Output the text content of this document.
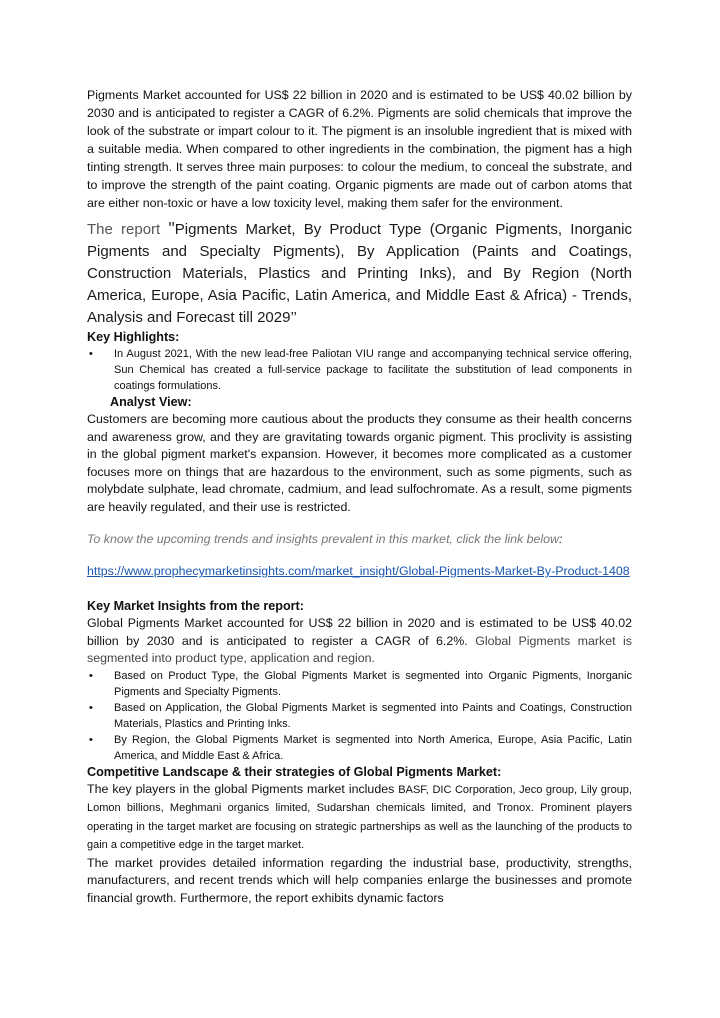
Pigments Market accounted for US$ 22 billion in 2020 and is estimated to be US$ 40.02 billion by 2030 and is anticipated to register a CAGR of 6.2%. Pigments are solid chemicals that improve the look of the substrate or impart colour to it. The pigment is an insoluble ingredient that is mixed with a suitable media. When compared to other ingredients in the combination, the pigment has a high tinting strength. It serves three main purposes: to colour the medium, to conceal the substrate, and to improve the strength of the paint coating. Organic pigments are made out of carbon atoms that are either non-toxic or have a low toxicity level, making them safer for the environment.

The report "Pigments Market, By Product Type (Organic Pigments, Inorganic Pigments and Specialty Pigments), By Application (Paints and Coatings, Construction Materials, Plastics and Printing Inks), and By Region (North America, Europe, Asia Pacific, Latin America, and Middle East & Africa) - Trends, Analysis and Forecast till 2029’’

Key Highlights:

• In August 2021, With the new lead-free Paliotan VIU range and accompanying technical service offering, Sun Chemical has created a full-service package to facilitate the substitution of lead components in coatings formulations.

Analyst View:

Customers are becoming more cautious about the products they consume as their health concerns and awareness grow, and they are gravitating towards organic pigment. This proclivity is assisting in the global pigment market's expansion. However, it becomes more complicated as a customer focuses more on things that are hazardous to the environment, such as some pigments, such as molybdate sulphate, lead chromate, cadmium, and lead sulfochromate. As a result, some pigments are heavily regulated, and their use is restricted.

To know the upcoming trends and insights prevalent in this market, click the link below:

https://www.prophecymarketinsights.com/market_insight/Global-Pigments-Market-By-Product-1408

Key Market Insights from the report:

Global Pigments Market accounted for US$ 22 billion in 2020 and is estimated to be US$ 40.02 billion by 2030 and is anticipated to register a CAGR of 6.2%. Global Pigments market is segmented into product type, application and region.

• Based on Product Type, the Global Pigments Market is segmented into Organic Pigments, Inorganic Pigments and Specialty Pigments.
• Based on Application, the Global Pigments Market is segmented into Paints and Coatings, Construction Materials, Plastics and Printing Inks.
• By Region, the Global Pigments Market is segmented into North America, Europe, Asia Pacific, Latin America, and Middle East & Africa.

Competitive Landscape & their strategies of Global Pigments Market:

The key players in the global Pigments market includes BASF, DIC Corporation, Jeco group, Lily group, Lomon billions, Meghmani organics limited, Sudarshan chemicals limited, and Tronox. Prominent players operating in the target market are focusing on strategic partnerships as well as the launching of the products to gain a competitive edge in the target market.

The market provides detailed information regarding the industrial base, productivity, strengths, manufacturers, and recent trends which will help companies enlarge the businesses and promote financial growth. Furthermore, the report exhibits dynamic factors
